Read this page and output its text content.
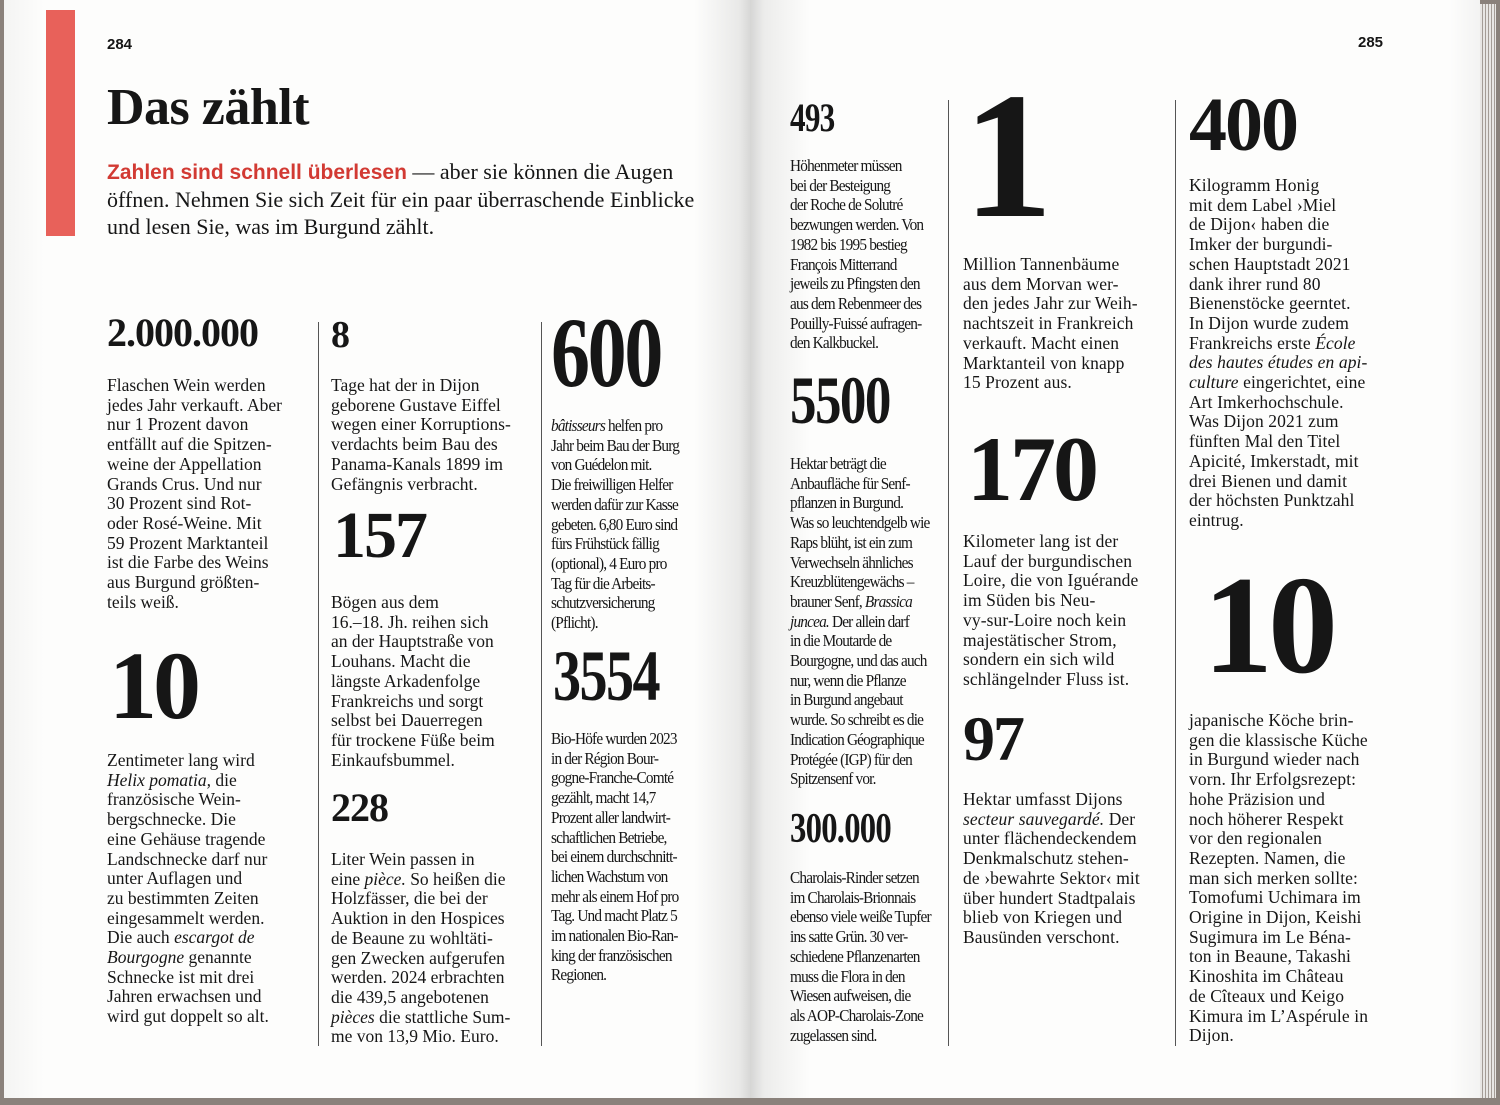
284	285
Das zählt
Zahlen sind schnell überlesen — aber sie können die Augen öffnen. Nehmen Sie sich Zeit für ein paar überraschende Einblicke und lesen Sie, was im Burgund zählt.
2.000.000
Flaschen Wein werden
jedes Jahr verkauft. Aber
nur 1 Prozent davon
entfällt auf die Spitzen-
weine der Appellation
Grands Crus. Und nur
30 Prozent sind Rot-
oder Rosé-Weine. Mit
59 Prozent Marktanteil
ist die Farbe des Weins
aus Burgund größten-
teils weiß.
10
Zentimeter lang wird
Helix pomatia, die
französische Wein-
bergschnecke. Die
eine Gehäuse tragende
Landschnecke darf nur
unter Auflagen und
zu bestimmten Zeiten
eingesammelt werden.
Die auch escargot de
Bourgogne genannte
Schnecke ist mit drei
Jahren erwachsen und
wird gut doppelt so alt.
8
Tage hat der in Dijon
geborene Gustave Eiffel
wegen einer Korruptions-
verdachts beim Bau des
Panama-Kanals 1899 im
Gefängnis verbracht.
157
Bögen aus dem
16.–18. Jh. reihen sich
an der Hauptstraße von
Louhans. Macht die
längste Arkadenfolge
Frankreichs und sorgt
selbst bei Dauerregen
für trockene Füße beim
Einkaufsbummel.
228
Liter Wein passen in
eine pièce. So heißen die
Holzfässer, die bei der
Auktion in den Hospices
de Beaune zu wohltäti-
gen Zwecken aufgerufen
werden. 2024 erbrachten
die 439,5 angebotenen
pièces die stattliche Sum-
me von 13,9 Mio. Euro.
600
bâtisseurs helfen pro
Jahr beim Bau der Burg
von Guédelon mit.
Die freiwilligen Helfer
werden dafür zur Kasse
gebeten. 6,80 Euro sind
fürs Frühstück fällig
(optional), 4 Euro pro
Tag für die Arbeits-
schutzversicherung
(Pflicht).
3554
Bio-Höfe wurden 2023
in der Région Bour-
gogne-Franche-Comté
gezählt, macht 14,7
Prozent aller landwirt-
schaftlichen Betriebe,
bei einem durchschnitt-
lichen Wachstum von
mehr als einem Hof pro
Tag. Und macht Platz 5
im nationalen Bio-Ran-
king der französischen
Regionen.
493
Höhenmeter müssen
bei der Besteigung
der Roche de Solutré
bezwungen werden. Von
1982 bis 1995 bestieg
François Mitterrand
jeweils zu Pfingsten den
aus dem Rebenmeer des
Pouilly-Fuissé aufragen-
den Kalkbuckel.
5500
Hektar beträgt die
Anbaufläche für Senf-
pflanzen in Burgund.
Was so leuchtendgelb wie
Raps blüht, ist ein zum
Verwechseln ähnliches
Kreuzblütengewächs –
brauner Senf, Brassica
juncea. Der allein darf
in die Moutarde de
Bourgogne, und das auch
nur, wenn die Pflanze
in Burgund angebaut
wurde. So schreibt es die
Indication Géographique
Protégée (IGP) für den
Spitzensenf vor.
300.000
Charolais-Rinder setzen
im Charolais-Brionnais
ebenso viele weiße Tupfer
ins satte Grün. 30 ver-
schiedene Pflanzenarten
muss die Flora in den
Wiesen aufweisen, die
als AOP-Charolais-Zone
zugelassen sind.
1
Million Tannenbäume
aus dem Morvan wer-
den jedes Jahr zur Weih-
nachtszeit in Frankreich
verkauft. Macht einen
Marktanteil von knapp
15 Prozent aus.
170
Kilometer lang ist der
Lauf der burgundischen
Loire, die von Iguérande
im Süden bis Neu-
vy-sur-Loire noch kein
majestätischer Strom,
sondern ein sich wild
schlängelnder Fluss ist.
97
Hektar umfasst Dijons
secteur sauvegardé. Der
unter flächendeckendem
Denkmalschutz stehen-
de ›bewahrte Sektor‹ mit
über hundert Stadtpalais
blieb von Kriegen und
Bausünden verschont.
400
Kilogramm Honig
mit dem Label ›Miel
de Dijon‹ haben die
Imker der burgundi-
schen Hauptstadt 2021
dank ihrer rund 80
Bienenstöcke geerntet.
In Dijon wurde zudem
Frankreichs erste École
des hautes études en api-
culture eingerichtet, eine
Art Imkerhochschule.
Was Dijon 2021 zum
fünften Mal den Titel
Apicité, Imkerstadt, mit
drei Bienen und damit
der höchsten Punktzahl
eintrug.
10
japanische Köche brin-
gen die klassische Küche
in Burgund wieder nach
vorn. Ihr Erfolgsrezept:
hohe Präzision und
noch höherer Respekt
vor den regionalen
Rezepten. Namen, die
man sich merken sollte:
Tomofumi Uchimara im
Origine in Dijon, Keishi
Sugimura im Le Béna-
ton in Beaune, Takashi
Kinoshita im Château
de Cîteaux und Keigo
Kimura im L’Aspérule in
Dijon.
